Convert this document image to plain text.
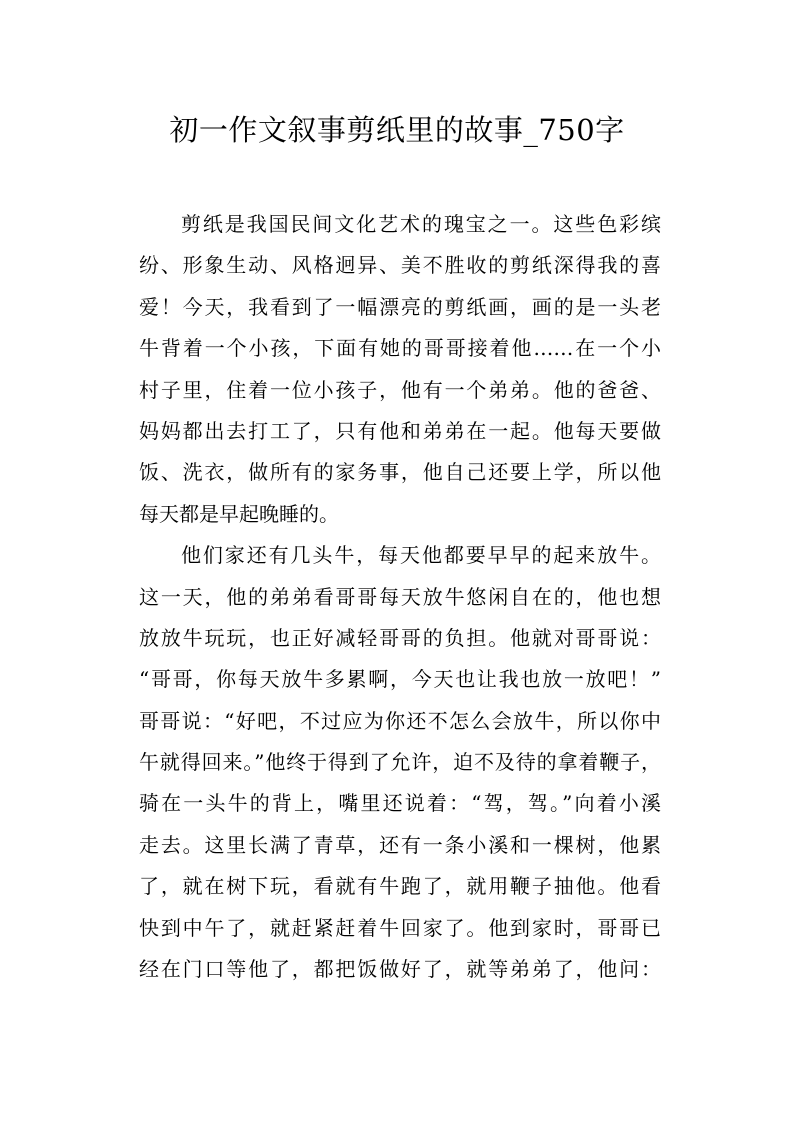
初一作文叙事剪纸里的故事_750字
剪纸是我国民间文化艺术的瑰宝之一。这些色彩缤
纷、形象生动、风格迥异、美不胜收的剪纸深得我的喜
爱！今天，我看到了一幅漂亮的剪纸画，画的是一头老
牛背着一个小孩，下面有她的哥哥接着他……在一个小
村子里，住着一位小孩子，他有一个弟弟。他的爸爸、
妈妈都出去打工了，只有他和弟弟在一起。他每天要做
饭、洗衣，做所有的家务事，他自己还要上学，所以他
每天都是早起晚睡的。
他们家还有几头牛，每天他都要早早的起来放牛。
这一天，他的弟弟看哥哥每天放牛悠闲自在的，他也想
放放牛玩玩，也正好减轻哥哥的负担。他就对哥哥说：
“哥哥，你每天放牛多累啊，今天也让我也放一放吧！”
哥哥说：“好吧，不过应为你还不怎么会放牛，所以你中
午就得回来。”他终于得到了允许，迫不及待的拿着鞭子，
骑在一头牛的背上，嘴里还说着：“驾，驾。”向着小溪
走去。这里长满了青草，还有一条小溪和一棵树，他累
了，就在树下玩，看就有牛跑了，就用鞭子抽他。他看
快到中午了，就赶紧赶着牛回家了。他到家时，哥哥已
经在门口等他了，都把饭做好了，就等弟弟了，他问：
